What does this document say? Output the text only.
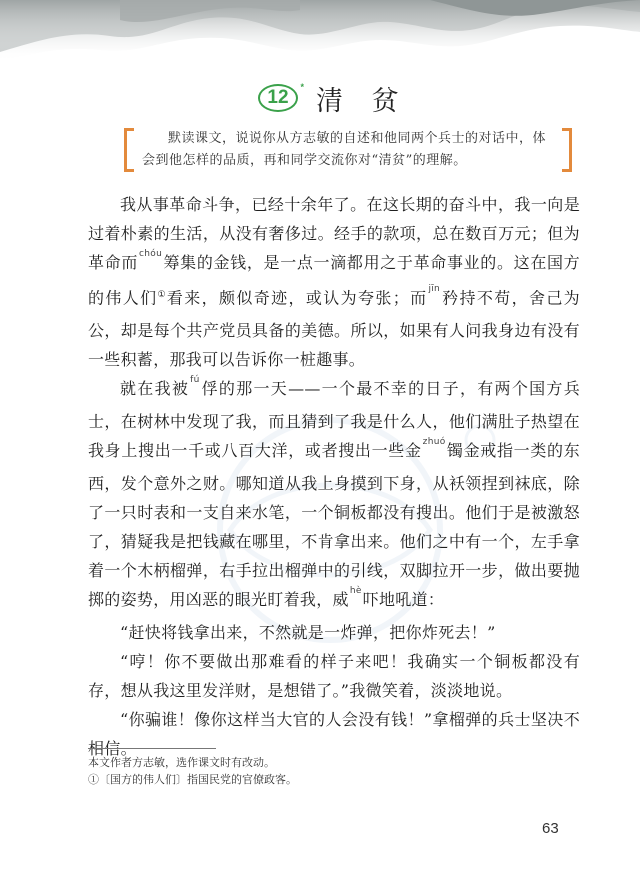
12 * 清 贫
默读课文，说说你从方志敏的自述和他同两个兵士的对话中，体会到他怎样的品质，再和同学交流你对“清贫”的理解。

我从事革命斗争，已经十余年了。在这长期的奋斗中，我一向是过着朴素的生活，从没有奢侈过。经手的款项，总在数百万元；但为革命而$^{chóu}$筹集的金钱，是一点一滴都用之于革命事业的。这在国方的伟人们①看来，颇似奇迹，或认为夸张；而$^{jīn}$矜持不苟，舍己为公，却是每个共产党员具备的美德。所以，如果有人问我身边有没有一些积蓄，那我可以告诉你一桩趣事。

就在我被$^{fú}$俘的那一天——一个最不幸的日子，有两个国方兵士，在树林中发现了我，而且猜到了我是什么人，他们满肚子热望在我身上搜出一千或八百大洋，或者搜出一些金$^{zhuó}$镯金戒指一类的东西，发个意外之财。哪知道从我上身摸到下身，从袄领捏到袜底，除了一只时表和一支自来水笔，一个铜板都没有搜出。他们于是被激怒了，猜疑我是把钱藏在哪里，不肯拿出来。他们之中有一个，左手拿着一个木柄榴弹，右手拉出榴弹中的引线，双脚拉开一步，做出要抛掷的姿势，用凶恶的眼光盯着我，威$^{hè}$吓地吼道：

“赶快将钱拿出来，不然就是一炸弹，把你炸死去！”

“哼！你不要做出那难看的样子来吧！我确实一个铜板都没有存，想从我这里发洋财，是想错了。”我微笑着，淡淡地说。

“你骗谁！像你这样当大官的人会没有钱！”拿榴弹的兵士坚决不相信。

本文作者方志敏，选作课文时有改动。
①〔国方的伟人们〕指国民党的官僚政客。
63
